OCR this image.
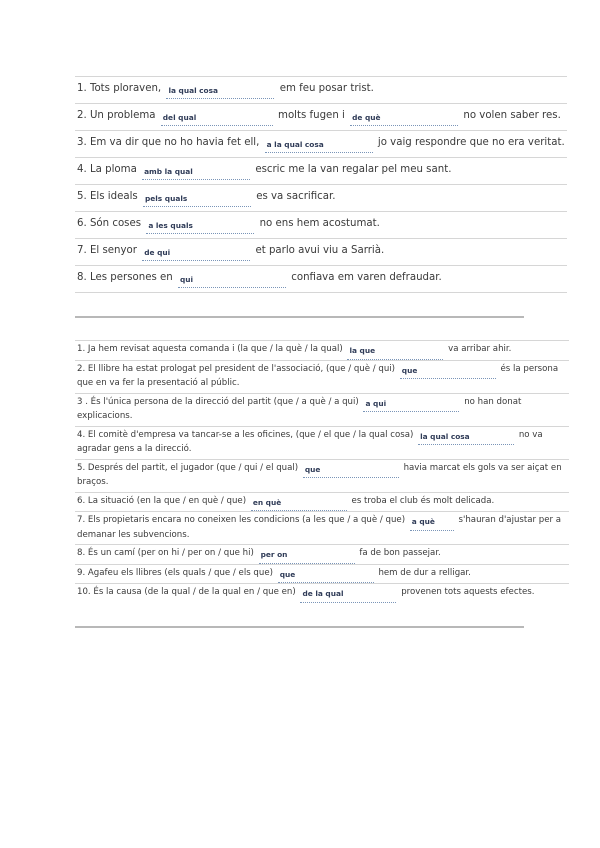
1. Tots ploraven, la qual cosa	em feu posar trist.
2. Un problema del qual	molts fugen i de què	no volen saber res.
3. Em va dir que no ho havia fet ell, a la qual cosa	jo vaig respondre que no era veritat.
4. La ploma amb la qual	escric me la van regalar pel meu sant.
5. Els ideals pels quals	es va sacrificar.
6. Són coses a les quals	no ens hem acostumat.
7. El senyor de qui	et parlo avui viu a Sarrià.
8. Les persones en qui	confiava em varen defraudar.
1. Ja hem revisat aquesta comanda i (la que / la què / la qual) la que	va arribar ahir.
2. El llibre ha estat prologat pel president de l'associació, (que / què / qui) que	és la persona que en va fer la presentació al públic.
3 . És l'única persona de la direcció del partit (que / a què / a qui) a qui	no han donat explicacions.
4. El comitè d'empresa va tancar-se a les oficines, (que / el que / la qual cosa) la qual cosa	no va agradar gens a la direcció.
5. Després del partit, el jugador (que / qui / el qual) que	havia marcat els gols va ser aiçat en braços.
6. La situació (en la que / en què / que) en què	es troba el club és molt delicada.
7. Els propietaris encara no coneixen les condicions (a les que / a què / que) a què	s'hauran d'ajustar per a demanar les subvencions.
8. És un camí (per on hi / per on / que hi) per on	fa de bon passejar.
9. Agafeu els llibres (els quals / que / els que) que	hem de dur a relligar.
10. És la causa (de la qual / de la qual en / que en) de la qual	provenen tots aquests efectes.
